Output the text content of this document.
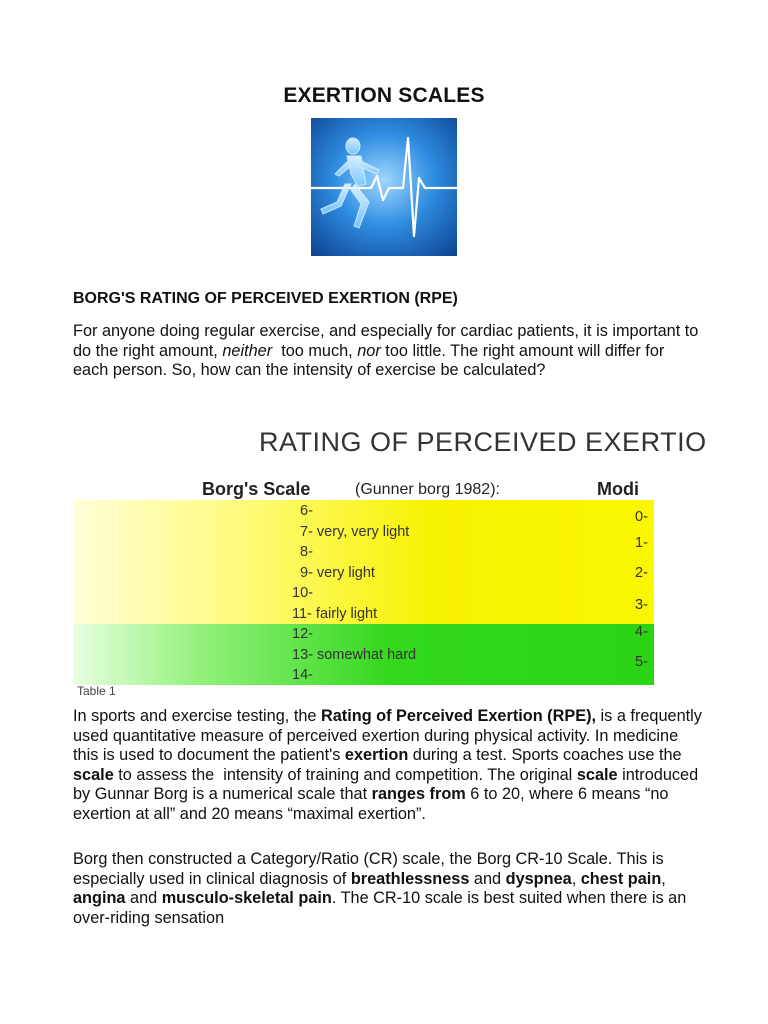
EXERTION SCALES
BORG'S RATING OF PERCEIVED EXERTION (RPE)
For anyone doing regular exercise, and especially for cardiac patients, it is important to do the right amount, neither  too much, nor too little. The right amount will differ for each person. So, how can the intensity of exercise be calculated?
RATING OF PERCEIVED EXERTIO
Borg's Scale	(Gunner borg 1982):	Modi
6-
7- very, very light
8-
9- very light
10-
11- fairly light
12-
13- somewhat hard
14-
0-
1-
2-
3-
4-
5-
Table 1
In sports and exercise testing, the Rating of Perceived Exertion (RPE), is a frequently used quantitative measure of perceived exertion during physical activity. In medicine this is used to document the patient's exertion during a test. Sports coaches use the scale to assess the  intensity of training and competition. The original scale introduced by Gunnar Borg is a numerical scale that ranges from 6 to 20, where 6 means “no exertion at all” and 20 means “maximal exertion”.
Borg then constructed a Category/Ratio (CR) scale, the Borg CR-10 Scale. This is especially used in clinical diagnosis of breathlessness and dyspnea, chest pain, angina and musculo-skeletal pain. The CR-10 scale is best suited when there is an over-riding sensation
